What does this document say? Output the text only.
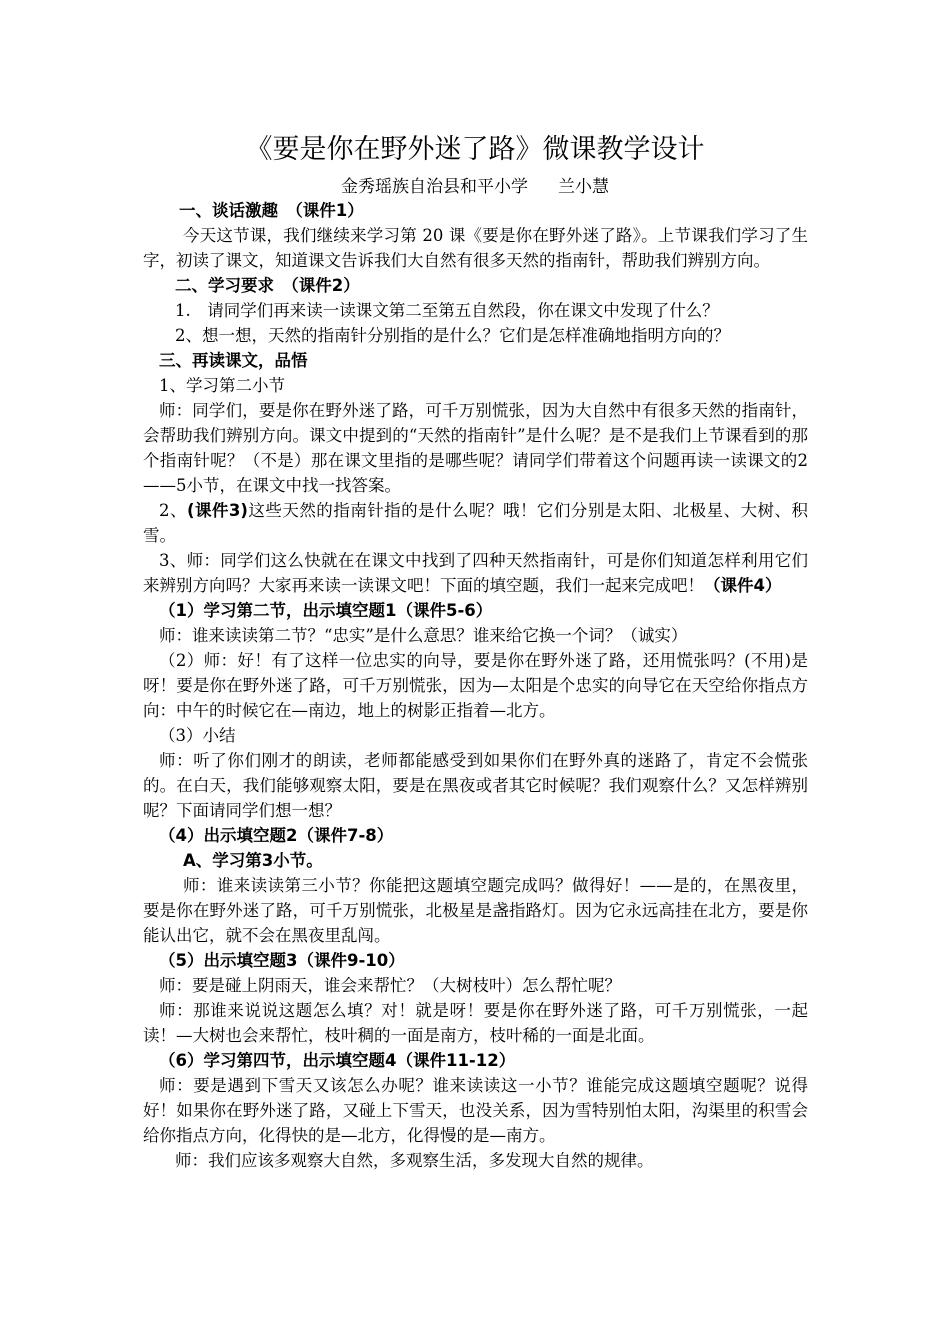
《要是你在野外迷了路》微课教学设计
金秀瑶族自治县和平小学 兰小慧

一、谈话激趣　 （课件1）

今天这节课，我们继续来学习第 20 课《要是你在野外迷了路》。上节课我们学习了生字，初读了课文，知道课文告诉我们大自然有很多天然的指南针，帮助我们辨别方向。

二、学习要求　 （课件2）

1.　请同学们再来读一读课文第二至第五自然段，你在课文中发现了什么？

2、想一想，天然的指南针分别指的是什么？它们是怎样准确地指明方向的？

三、再读课文，品悟

1、学习第二小节

师：同学们，要是你在野外迷了路，可千万别慌张，因为大自然中有很多天然的指南针，会帮助我们辨别方向。课文中提到的“天然的指南针”是什么呢？是不是我们上节课看到的那个指南针呢？（不是）那在课文里指的是哪些呢？请同学们带着这个问题再读一读课文的2——5小节，在课文中找一找答案。

2、(课件3)这些天然的指南针指的是什么呢？哦！它们分别是太阳、北极星、大树、积雪。

3、师：同学们这么快就在在课文中找到了四种天然指南针，可是你们知道怎样利用它们来辨别方向吗？大家再来读一读课文吧！下面的填空题，我们一起来完成吧！（课件4）

（1）学习第二节，出示填空题1（课件5-6）

师：谁来读读第二节？“忠实”是什么意思？谁来给它换一个词？（诚实）

（2）师：好！有了这样一位忠实的向导，要是你在野外迷了路，还用慌张吗？(不用)是呀！要是你在野外迷了路，可千万别慌张，因为—太阳是个忠实的向导它在天空给你指点方向：中午的时候它在—南边，地上的树影正指着—北方。

（3）小结

师：听了你们刚才的朗读，老师都能感受到如果你们在野外真的迷路了，肯定不会慌张的。在白天，我们能够观察太阳，要是在黑夜或者其它时候呢？我们观察什么？又怎样辨别呢？下面请同学们想一想？

（4）出示填空题2（课件7-8）

A、学习第3小节。

师：谁来读读第三小节？你能把这题填空题完成吗？做得好！——是的，在黑夜里，要是你在野外迷了路，可千万别慌张，北极星是盏指路灯。因为它永远高挂在北方，要是你能认出它，就不会在黑夜里乱闯。

（5）出示填空题3（课件9-10）

师：要是碰上阴雨天，谁会来帮忙？（大树枝叶）怎么帮忙呢？

师：那谁来说说这题怎么填？对！就是呀！要是你在野外迷了路，可千万别慌张，一起读！—大树也会来帮忙，枝叶稠的一面是南方，枝叶稀的一面是北面。

（6）学习第四节，出示填空题4（课件11-12）

师：要是遇到下雪天又该怎么办呢？谁来读读这一小节？谁能完成这题填空题呢？说得好！如果你在野外迷了路，又碰上下雪天，也没关系，因为雪特别怕太阳，沟渠里的积雪会给你指点方向，化得快的是—北方，化得慢的是—南方。

师：我们应该多观察大自然，多观察生活，多发现大自然的规律。
